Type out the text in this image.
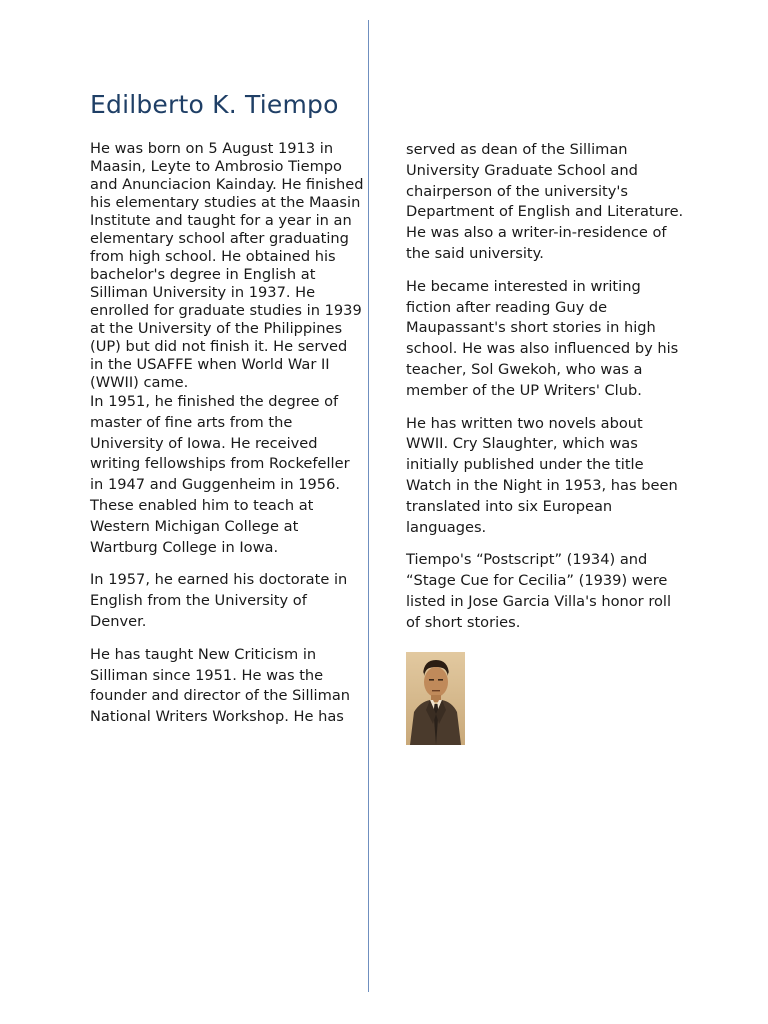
Edilberto K. Tiempo

He was born on 5 August 1913 in Maasin, Leyte to Ambrosio Tiempo and Anunciacion Kainday. He finished his elementary studies at the Maasin Institute and taught for a year in an elementary school after graduating from high school. He obtained his bachelor's degree in English at Silliman University in 1937. He enrolled for graduate studies in 1939 at the University of the Philippines (UP) but did not finish it. He served in the USAFFE when World War II (WWII) came.

In 1951, he finished the degree of master of fine arts from the University of Iowa. He received writing fellowships from Rockefeller in 1947 and Guggenheim in 1956. These enabled him to teach at Western Michigan College at Wartburg College in Iowa.

In 1957, he earned his doctorate in English from the University of Denver.

He has taught New Criticism in Silliman since 1951. He was the founder and director of the Silliman National Writers Workshop. He has

served as dean of the Silliman University Graduate School and chairperson of the university's Department of English and Literature. He was also a writer-in-residence of the said university.

He became interested in writing fiction after reading Guy de Maupassant's short stories in high school. He was also influenced by his teacher, Sol Gwekoh, who was a member of the UP Writers' Club.

He has written two novels about WWII. Cry Slaughter, which was initially published under the title Watch in the Night in 1953, has been translated into six European languages.

Tiempo's “Postscript” (1934) and “Stage Cue for Cecilia” (1939) were listed in Jose Garcia Villa's honor roll of short stories.
